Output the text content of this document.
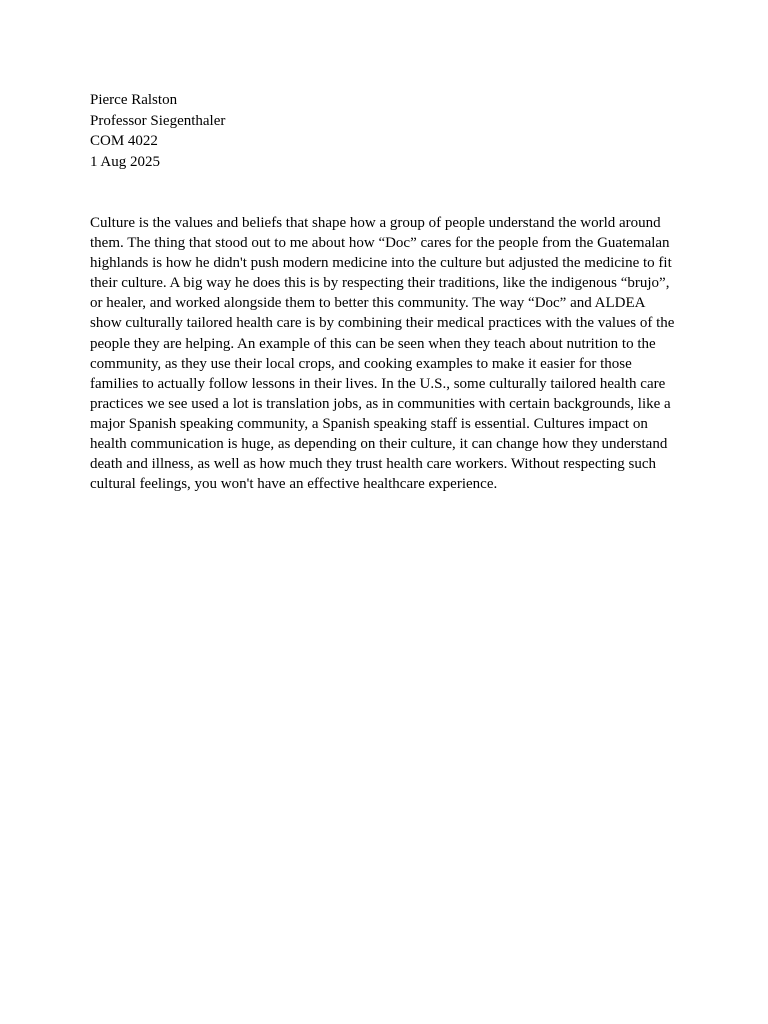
Pierce Ralston
Professor Siegenthaler
COM 4022
1 Aug 2025
Culture is the values and beliefs that shape how a group of people understand the world around
them. The thing that stood out to me about how “Doc” cares for the people from the Guatemalan
highlands is how he didn't push modern medicine into the culture but adjusted the medicine to fit
their culture. A big way he does this is by respecting their traditions, like the indigenous “brujo”,
or healer, and worked alongside them to better this community. The way “Doc” and ALDEA
show culturally tailored health care is by combining their medical practices with the values of the
people they are helping. An example of this can be seen when they teach about nutrition to the
community, as they use their local crops, and cooking examples to make it easier for those
families to actually follow lessons in their lives. In the U.S., some culturally tailored health care
practices we see used a lot is translation jobs, as in communities with certain backgrounds, like a
major Spanish speaking community, a Spanish speaking staff is essential. Cultures impact on
health communication is huge, as depending on their culture, it can change how they understand
death and illness, as well as how much they trust health care workers. Without respecting such
cultural feelings, you won't have an effective healthcare experience.
